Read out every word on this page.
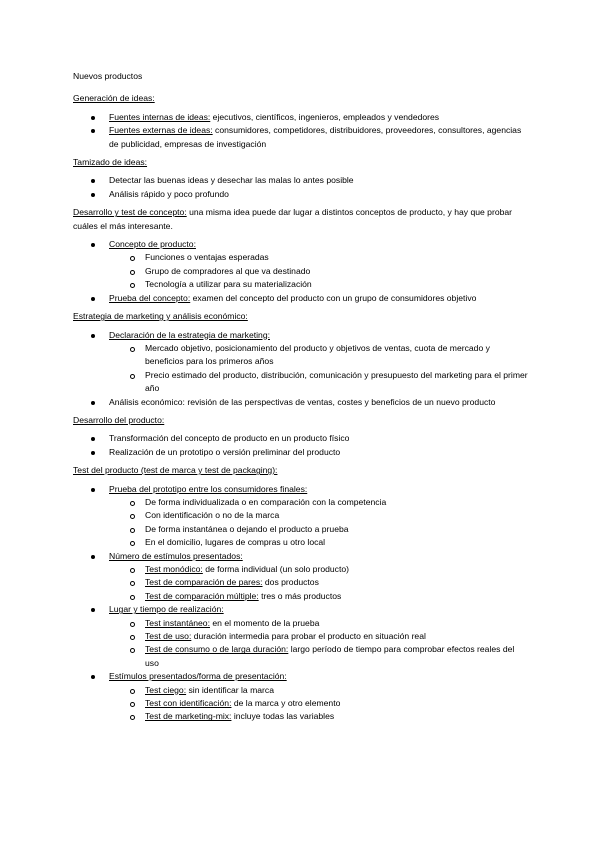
Nuevos productos
Generación de ideas:
Fuentes internas de ideas: ejecutivos, científicos, ingenieros, empleados y vendedores
Fuentes externas de ideas: consumidores, competidores, distribuidores, proveedores, consultores, agencias de publicidad, empresas de investigación
Tamizado de ideas:
Detectar las buenas ideas y desechar las malas lo antes posible
Análisis rápido y poco profundo
Desarrollo y test de concepto: una misma idea puede dar lugar a distintos conceptos de producto, y hay que probar cuáles el más interesante.
Concepto de producto:
Funciones o ventajas esperadas
Grupo de compradores al que va destinado
Tecnología a utilizar para su materialización
Prueba del concepto: examen del concepto del producto con un grupo de consumidores objetivo
Estrategia de marketing y análisis económico:
Declaración de la estrategia de marketing:
Mercado objetivo, posicionamiento del producto y objetivos de ventas, cuota de mercado y beneficios para los primeros años
Precio estimado del producto, distribución, comunicación y presupuesto del marketing para el primer año
Análisis económico: revisión de las perspectivas de ventas, costes y beneficios de un nuevo producto
Desarrollo del producto:
Transformación del concepto de producto en un producto físico
Realización de un prototipo o versión preliminar del producto
Test del producto (test de marca y test de packaging):
Prueba del prototipo entre los consumidores finales:
De forma individualizada o en comparación con la competencia
Con identificación o no de la marca
De forma instantánea o dejando el producto a prueba
En el domicilio, lugares de compras u otro local
Número de estímulos presentados:
Test monódico: de forma individual (un solo producto)
Test de comparación de pares: dos productos
Test de comparación múltiple: tres o más productos
Lugar y tiempo de realización:
Test instantáneo: en el momento de la prueba
Test de uso: duración intermedia para probar el producto en situación real
Test de consumo o de larga duración: largo período de tiempo para comprobar efectos reales del uso
Estímulos presentados/forma de presentación:
Test ciego: sin identificar la marca
Test con identificación: de la marca y otro elemento
Test de marketing-mix: incluye todas las variables
